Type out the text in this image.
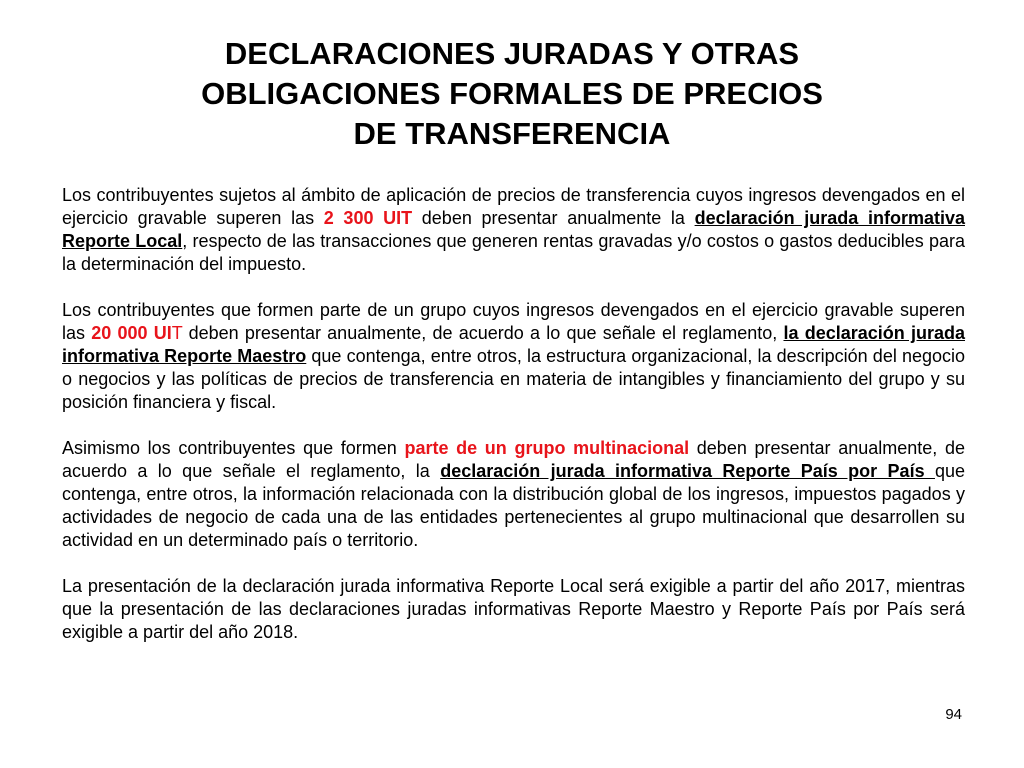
DECLARACIONES JURADAS Y OTRAS
OBLIGACIONES FORMALES DE PRECIOS
DE TRANSFERENCIA

Los contribuyentes sujetos al ámbito de aplicación de precios de transferencia cuyos ingresos devengados en el ejercicio gravable superen las 2 300 UIT deben presentar anualmente la declaración jurada informativa Reporte Local, respecto de las transacciones que generen rentas gravadas y/o costos o gastos deducibles para la determinación del impuesto.

Los contribuyentes que formen parte de un grupo cuyos ingresos devengados en el ejercicio gravable superen las 20 000 UIT deben presentar anualmente, de acuerdo a lo que señale el reglamento, la declaración jurada informativa Reporte Maestro que contenga, entre otros, la estructura organizacional, la descripción del negocio o negocios y las políticas de precios de transferencia en materia de intangibles y financiamiento del grupo y su posición financiera y fiscal.

Asimismo los contribuyentes que formen parte de un grupo multinacional deben presentar anualmente, de acuerdo a lo que señale el reglamento, la declaración jurada informativa Reporte País por País que contenga, entre otros, la información relacionada con la distribución global de los ingresos, impuestos pagados y actividades de negocio de cada una de las entidades pertenecientes al grupo multinacional que desarrollen su actividad en un determinado país o territorio.

La presentación de la declaración jurada informativa Reporte Local será exigible a partir del año 2017, mientras que la presentación de las declaraciones juradas informativas Reporte Maestro y Reporte País por País será exigible a partir del año 2018.

94
